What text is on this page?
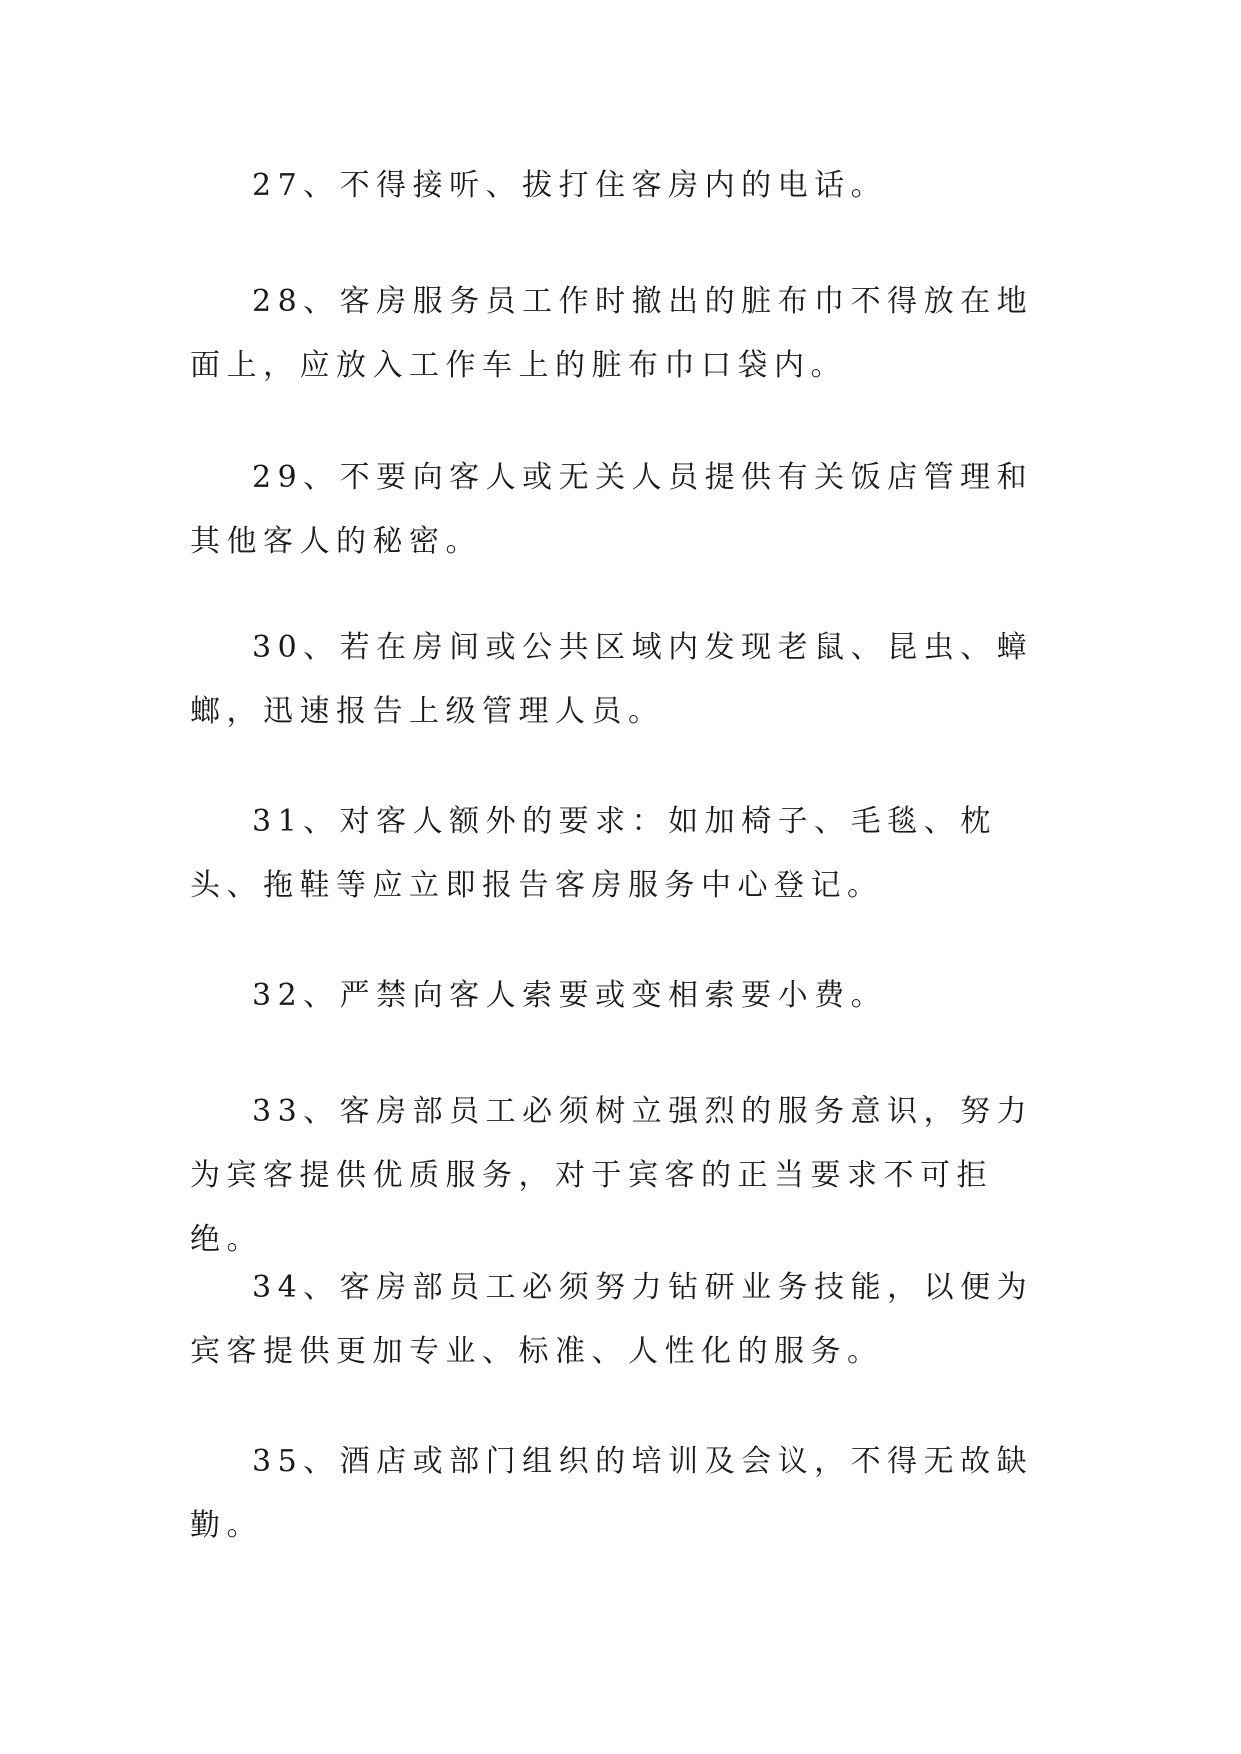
27、不得接听、拔打住客房内的电话。

28、客房服务员工作时撤出的脏布巾不得放在地面上，应放入工作车上的脏布巾口袋内。

29、不要向客人或无关人员提供有关饭店管理和其他客人的秘密。

30、若在房间或公共区域内发现老鼠、昆虫、蟑螂，迅速报告上级管理人员。

31、对客人额外的要求：如加椅子、毛毯、枕头、拖鞋等应立即报告客房服务中心登记。

32、严禁向客人索要或变相索要小费。

33、客房部员工必须树立强烈的服务意识，努力为宾客提供优质服务，对于宾客的正当要求不可拒绝。

34、客房部员工必须努力钻研业务技能，以便为宾客提供更加专业、标准、人性化的服务。

35、酒店或部门组织的培训及会议，不得无故缺勤。
